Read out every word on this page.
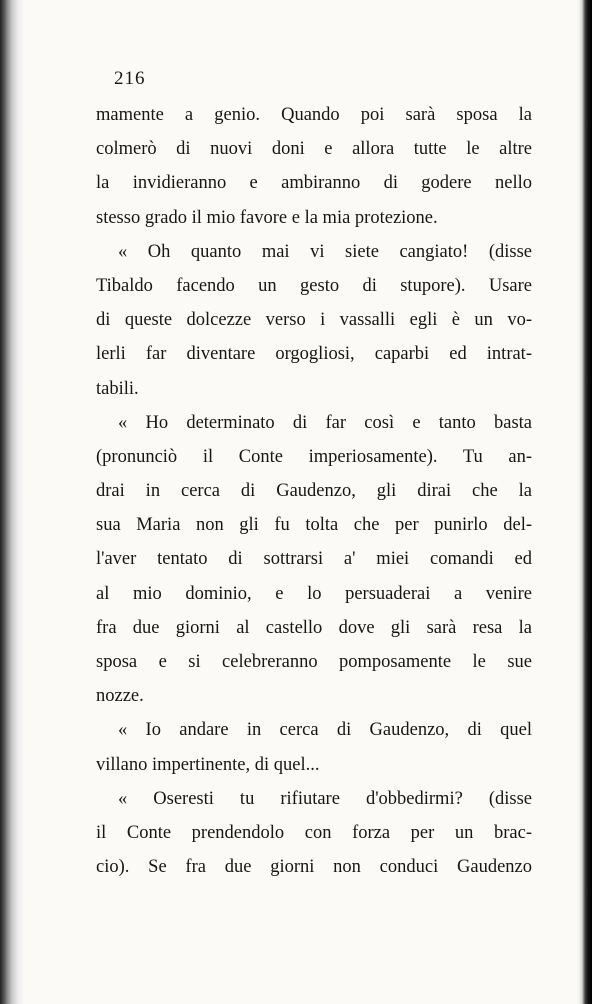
216
mamente a genio. Quando poi sarà sposa la
colmerò di nuovi doni e allora tutte le altre
la invidieranno e ambiranno di godere nello
stesso grado il mio favore e la mia protezione.
« Oh quanto mai vi siete cangiato! (disse
Tibaldo facendo un gesto di stupore). Usare
di queste dolcezze verso i vassalli egli è un vo-
lerli far diventare orgogliosi, caparbi ed intrat-
tabili.
« Ho determinato di far così e tanto basta
(pronunciò il Conte imperiosamente). Tu an-
drai in cerca di Gaudenzo, gli dirai che la
sua Maria non gli fu tolta che per punirlo del-
l'aver tentato di sottrarsi a' miei comandi ed
al mio dominio, e lo persuaderai a venire
fra due giorni al castello dove gli sarà resa la
sposa e si celebreranno pomposamente le sue
nozze.
« Io andare in cerca di Gaudenzo, di quel
villano impertinente, di quel...
« Oseresti tu rifiutare d'obbedirmi? (disse
il Conte prendendolo con forza per un brac-
cio). Se fra due giorni non conduci Gaudenzo
